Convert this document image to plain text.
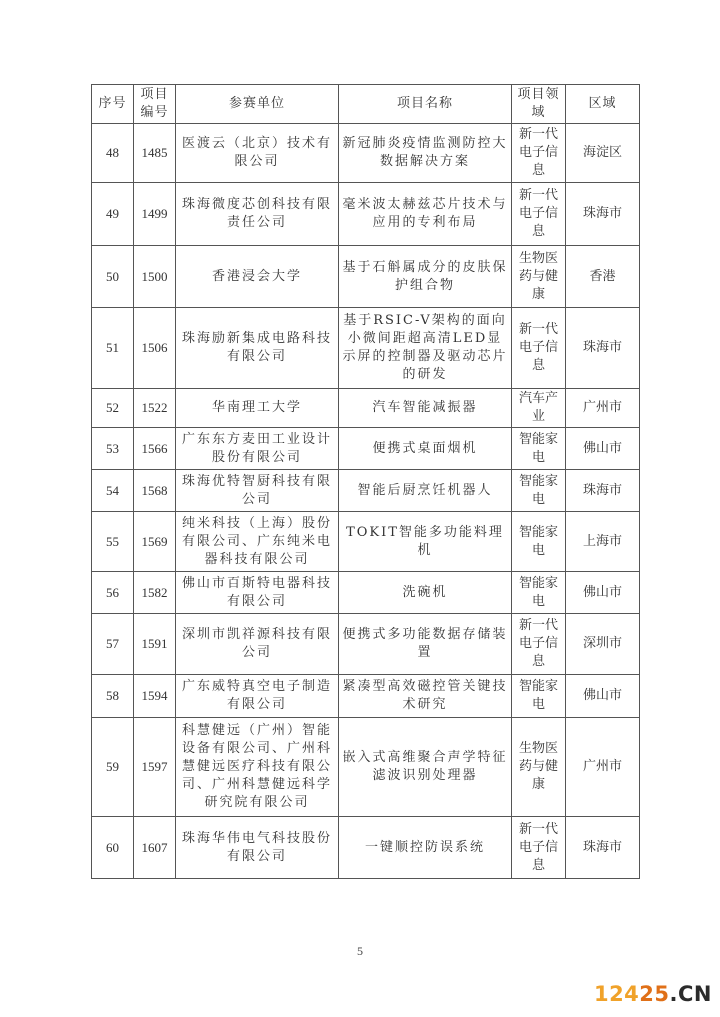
序号	项目编号	参赛单位	项目名称	项目领域	区域
48	1485	医渡云（北京）技术有限公司	新冠肺炎疫情监测防控大数据解决方案	新一代电子信息	海淀区
49	1499	珠海微度芯创科技有限责任公司	毫米波太赫兹芯片技术与应用的专利布局	新一代电子信息	珠海市
50	1500	香港浸会大学	基于石斛属成分的皮肤保护组合物	生物医药与健康	香港
51	1506	珠海励新集成电路科技有限公司	基于RSIC-V架构的面向小微间距超高清LED显示屏的控制器及驱动芯片的研发	新一代电子信息	珠海市
52	1522	华南理工大学	汽车智能减振器	汽车产业	广州市
53	1566	广东东方麦田工业设计股份有限公司	便携式桌面烟机	智能家电	佛山市
54	1568	珠海优特智厨科技有限公司	智能后厨烹饪机器人	智能家电	珠海市
55	1569	纯米科技（上海）股份有限公司、广东纯米电器科技有限公司	TOKIT智能多功能料理机	智能家电	上海市
56	1582	佛山市百斯特电器科技有限公司	洗碗机	智能家电	佛山市
57	1591	深圳市凯祥源科技有限公司	便携式多功能数据存储装置	新一代电子信息	深圳市
58	1594	广东威特真空电子制造有限公司	紧凑型高效磁控管关键技术研究	智能家电	佛山市
59	1597	科慧健远（广州）智能设备有限公司、广州科慧健远医疗科技有限公司、广州科慧健远科学研究院有限公司	嵌入式高维聚合声学特征滤波识别处理器	生物医药与健康	广州市
60	1607	珠海华伟电气科技股份有限公司	一键顺控防误系统	新一代电子信息	珠海市
5
12425.CN
